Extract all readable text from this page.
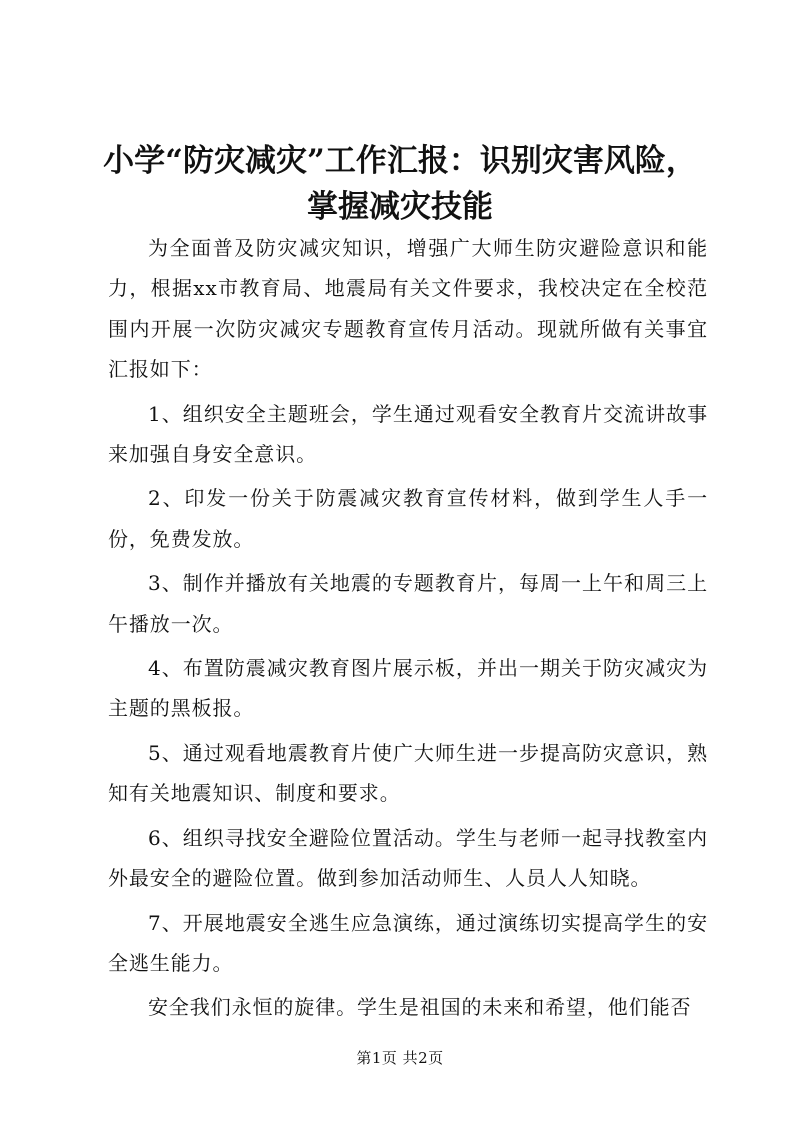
小学“防灾减灾”工作汇报：识别灾害风险，
掌握减灾技能

为全面普及防灾减灾知识，增强广大师生防灾避险意识和能力，根据xx市教育局、地震局有关文件要求，我校决定在全校范围内开展一次防灾减灾专题教育宣传月活动。现就所做有关事宜汇报如下：

1、组织安全主题班会，学生通过观看安全教育片交流讲故事来加强自身安全意识。

2、印发一份关于防震减灾教育宣传材料，做到学生人手一份，免费发放。

3、制作并播放有关地震的专题教育片，每周一上午和周三上午播放一次。

4、布置防震减灾教育图片展示板，并出一期关于防灾减灾为主题的黑板报。

5、通过观看地震教育片使广大师生进一步提高防灾意识，熟知有关地震知识、制度和要求。

6、组织寻找安全避险位置活动。学生与老师一起寻找教室内外最安全的避险位置。做到参加活动师生、人员人人知晓。

7、开展地震安全逃生应急演练，通过演练切实提高学生的安全逃生能力。

安全我们永恒的旋律。学生是祖国的未来和希望，他们能否

第1页 共2页
